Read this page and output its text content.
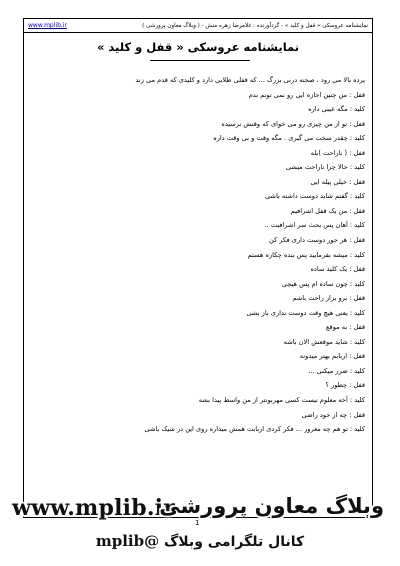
www.mplib.ir	نمایشنامه عروسکی « قفل و کلید » - گردآورنده : غلامرضا زهره منش - ( وبلاگ معاون پرورشی )
نمایشنامه عروسکی « قفل و کلید »
پرده بالا می رود . صحنه دربی بزرگ ... که قفلی طلایی دارد و کلیدی که قدم می زند
قفل : من چنین اجازه ایی رو نمی تونم بدم
کلید : مگه عیبی داره
قفل : تو از من چیزی رو می خوای که وقتش نرسیده
کلید : چقدر سخت می گیری . مگه وقت و بی وقت داره
قفل : ( ناراحت )بله
کلید : حالا چرا ناراحت میشی
قفل : خیلی پیله ایی
کلید : گفتم شاید دوست داشته باشی
قفل : من یک قفل اشرافیم
کلید : آهان پس بحث سر اشرافیت ..
قفل : هر جور دوست داری فکر کن
کلید : میشه بفرمایید پس بنده چکاره هستم
قفل : یک کلید ساده
کلید : چون ساده ام پس هیچی
قفل : برو بزار راحت باشم
کلید : یعنی هیچ وقت دوست نداری باز بشی
قفل : به موقع
کلید : شاید موقعش الان باشه
قفل : اربابم بهتر میدونه
کلید : ضرر میکنی ...
قفل : چطور ؟
کلید : آخه معلوم نیست کسی مهربونتر از من واسط پیدا بشه
قفل : چه از خود راضی
کلید : تو هم چه مغرور ... فکر کردی اربابت همش میذاره روی این در شیک باشی
1
www.mplib.ir
وبلاگ معاون پرورشی
کانال تلگرامی وبلاگ @mplib
